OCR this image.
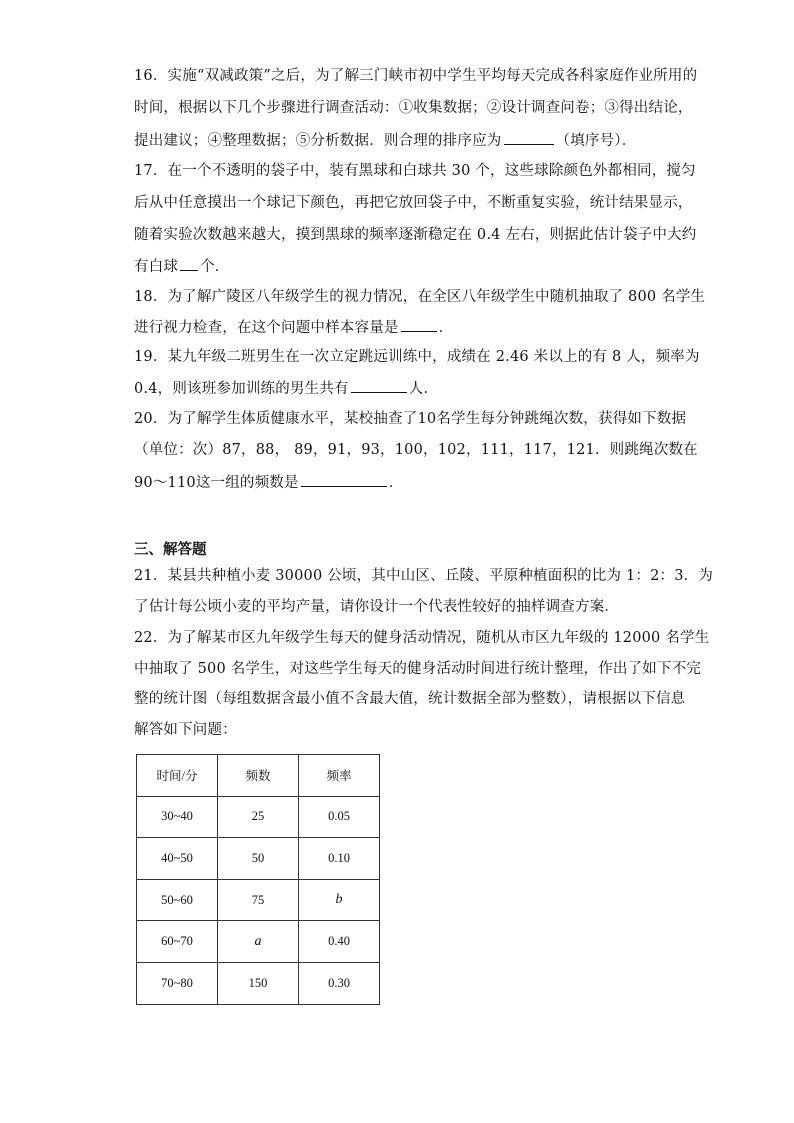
16．实施“双减政策”之后，为了解三门峡市初中学生平均每天完成各科家庭作业所用的
时间，根据以下几个步骤进行调查活动：①收集数据；②设计调查问卷；③得出结论，
提出建议；④整理数据；⑤分析数据．则合理的排序应为	（填序号）．
17．在一个不透明的袋子中，装有黑球和白球共 30 个，这些球除颜色外都相同，搅匀
后从中任意摸出一个球记下颜色，再把它放回袋子中，不断重复实验，统计结果显示，
随着实验次数越来越大，摸到黑球的频率逐渐稳定在 0.4 左右，则据此估计袋子中大约
有白球 个．
18．为了解广陵区八年级学生的视力情况，在全区八年级学生中随机抽取了 800 名学生
进行视力检查，在这个问题中样本容量是	．
19．某九年级二班男生在一次立定跳远训练中，成绩在 2.46 米以上的有 8 人，频率为
0.4，则该班参加训练的男生共有	人．
20．为了解学生体质健康水平，某校抽查了10名学生每分钟跳绳次数，获得如下数据
（单位：次）87，88， 89，91，93，100，102，111，117，121．则跳绳次数在
90～110这一组的频数是	．
三、解答题
21．某县共种植小麦 30000 公顷，其中山区、丘陵、平原种植面积的比为 1：2：3．为
了估计每公顷小麦的平均产量，请你设计一个代表性较好的抽样调查方案．
22．为了解某市区九年级学生每天的健身活动情况，随机从市区九年级的 12000 名学生
中抽取了 500 名学生，对这些学生每天的健身活动时间进行统计整理，作出了如下不完
整的统计图（每组数据含最小值不含最大值，统计数据全部为整数），请根据以下信息
解答如下问题：
时间/分	频数	频率
30~40	25	0.05
40~50	50	0.10
50~60	75	b
60~70	a	0.40
70~80	150	0.30
